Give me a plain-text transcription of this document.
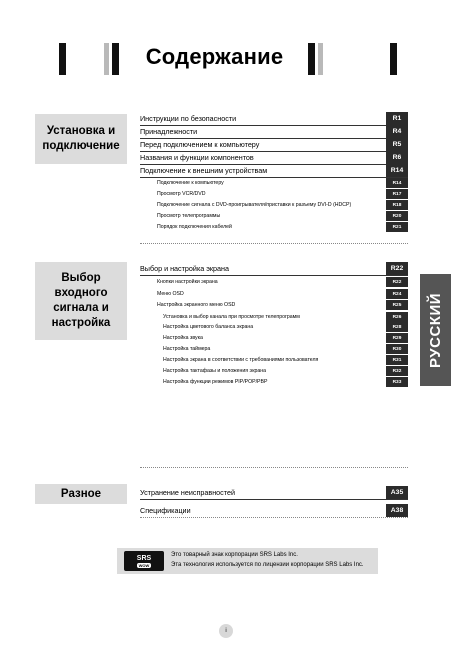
Содержание
Установка и подключение
Инструкции по безопасности	R1
Принадлежности	R4
Перед подключением к компьютеру	R5
Названия и функции компонентов	R6
Подключение к внешним устройствам	R14
Подключение к компьютеру	R14
Просмотр VCR/DVD	R17
Подключение сигнала с DVD-проигрывателя/приставки к разъему DVI-D (HDCP)	R18
Просмотр телепрограммы	R20
Порядок подключения кабелей	R21
Выбор входного сигнала и настройка
Выбор и настройка экрана	R22
Кнопки настройки экрана	R22
Меню OSD	R24
Настройка экранного меню OSD	R25
Установка и выбор канала при просмотре телепрограмм	R26
Настройка цветового баланса экрана	R28
Настройка звука	R29
Настройка таймера	R30
Настройка экрана в соответствии с требованиями пользователя	R31
Настройка тактафазы и положения экрана	R32
Настройка функции режимов PIP/POP/PBP	R33
Разное	Устранение неисправностей	A35
Спецификации	A38
РУССКИЙ
SRS
WOW
Это товарный знак корпорации SRS Labs Inc.
Эта технология используется по лицензии корпорации SRS Labs Inc.
i
